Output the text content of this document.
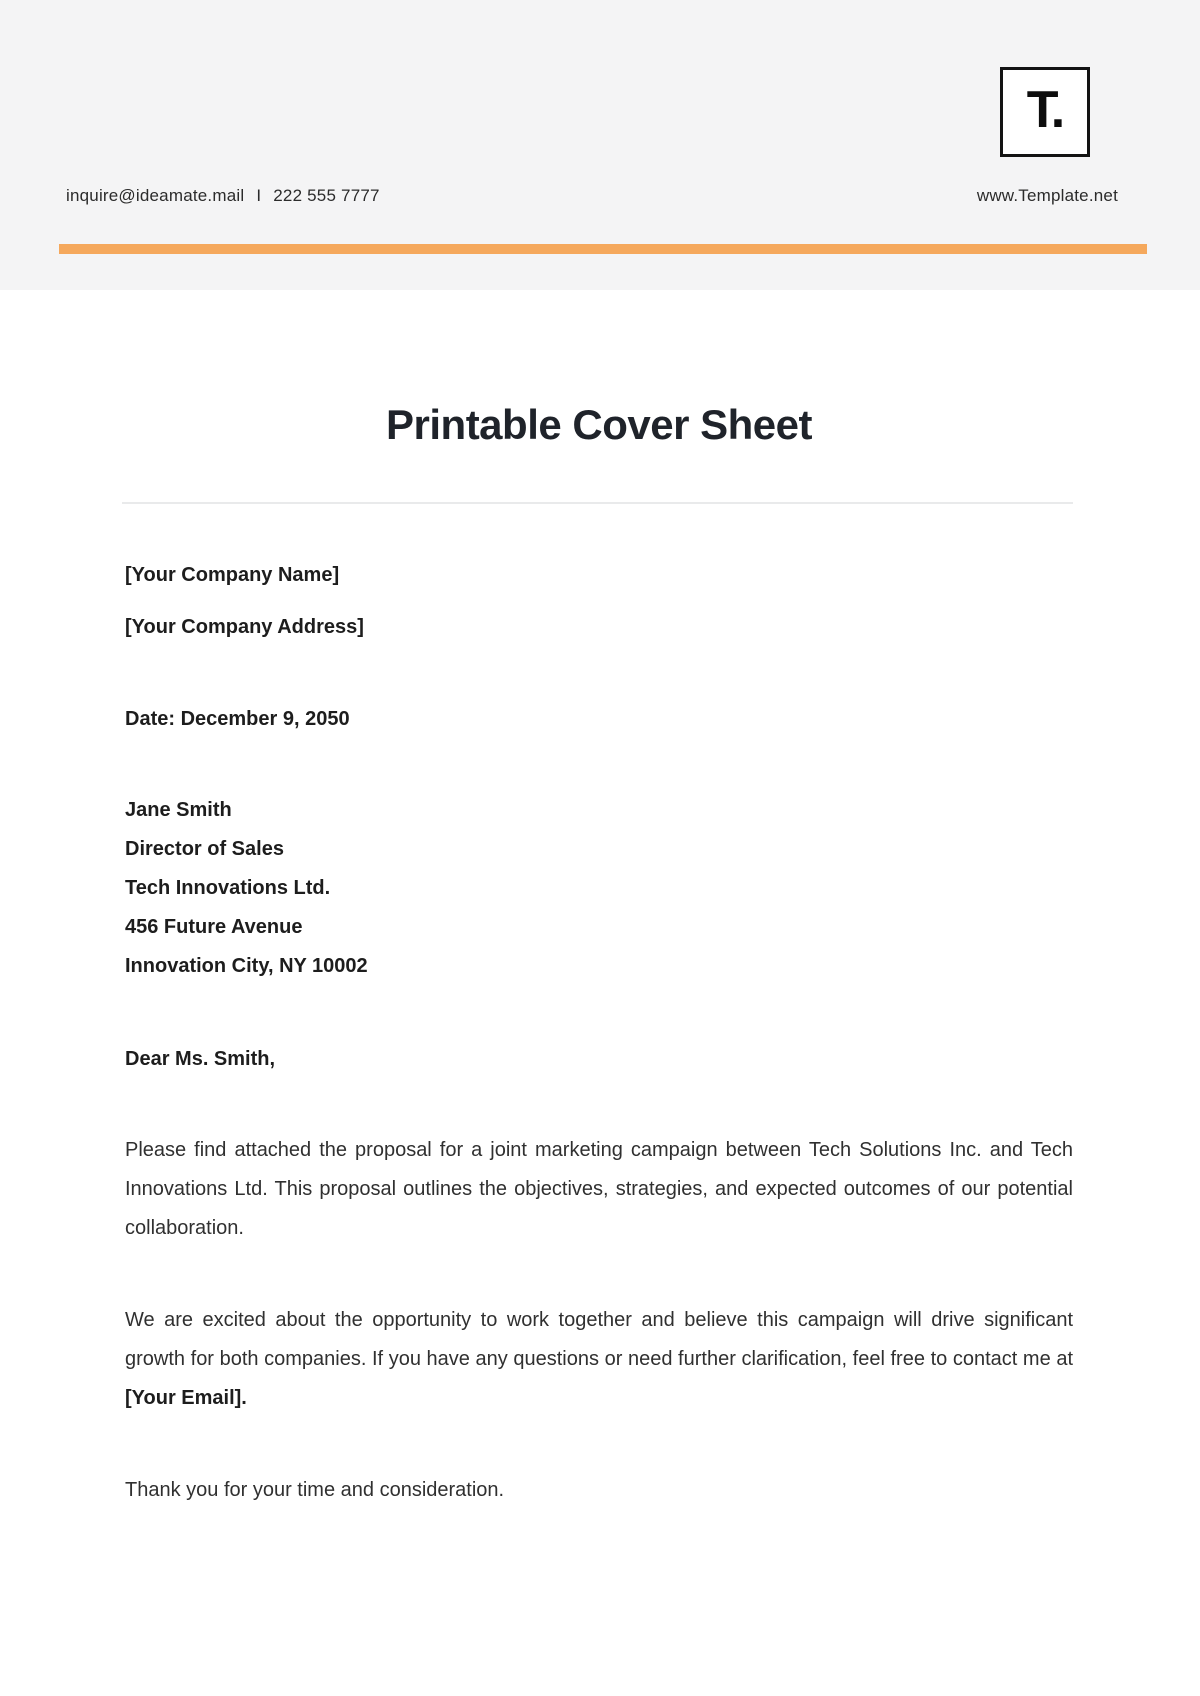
inquire@ideamate.mail I 222 555 7777	www.Template.net
T.
Printable Cover Sheet

[Your Company Name]

[Your Company Address]

Date: December 9, 2050

Jane Smith

Director of Sales

Tech Innovations Ltd.

456 Future Avenue

Innovation City, NY 10002

Dear Ms. Smith,

Please find attached the proposal for a joint marketing campaign between Tech Solutions Inc. and Tech Innovations Ltd. This proposal outlines the objectives, strategies, and expected outcomes of our potential collaboration.

We are excited about the opportunity to work together and believe this campaign will drive significant growth for both companies. If you have any questions or need further clarification, feel free to contact me at [Your Email].

Thank you for your time and consideration.
